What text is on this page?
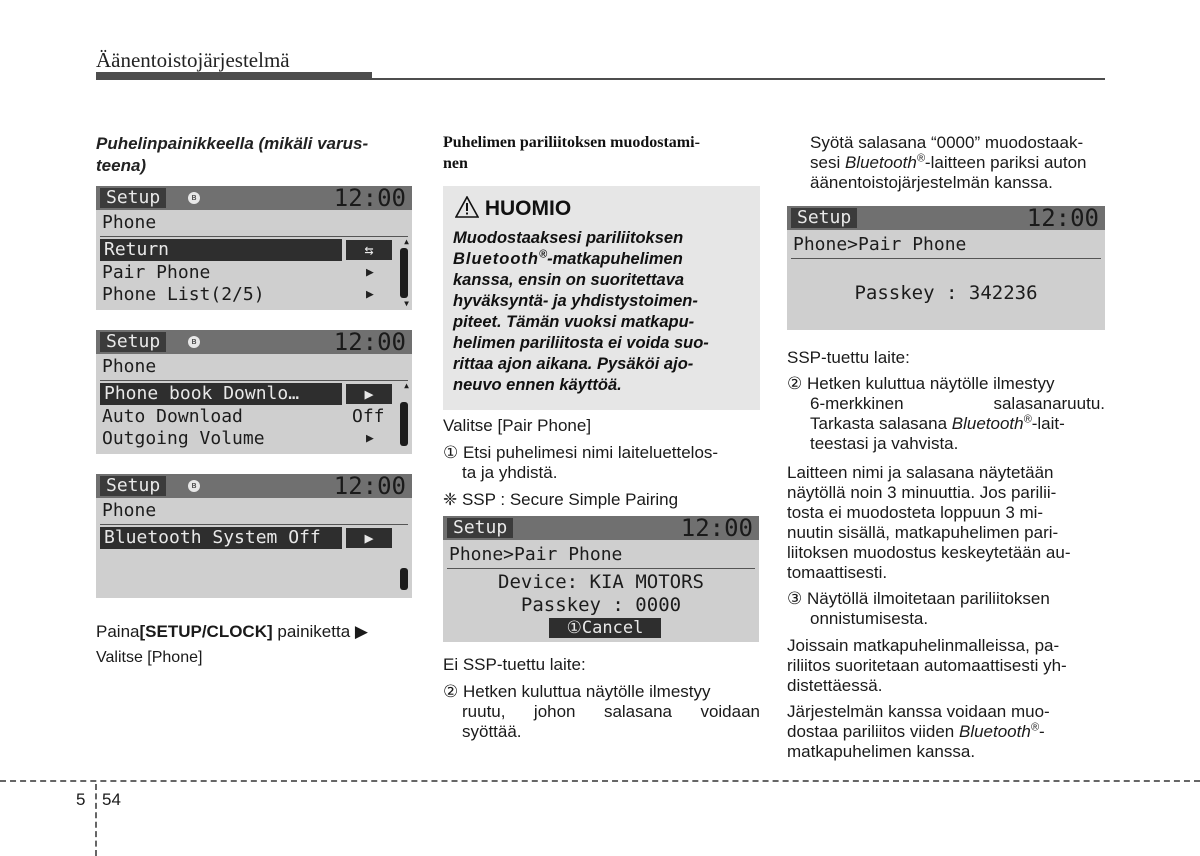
Äänentoistojärjestelmä
Puhelinpainikkeella (mikäli varus-
teena)
Setup	ʙ	12:00
Phone
Return	⇆
Pair Phone	▶
Phone List(2/5)	▶
▲
▼
Setup	ʙ	12:00
Phone
Phone book Downlo…	▶
Auto Download	Off
Outgoing Volume	▶
▲
Setup	ʙ	12:00
Phone
Bluetooth System Off	▶
Paina[SETUP/CLOCK] painiketta ▶
Valitse [Phone]
Puhelimen pariliitoksen muodostami-
nen
HUOMIO
Muodostaaksesi pariliitoksen
Bluetooth®-matkapuhelimen
kanssa, ensin on suoritettava
hyväksyntä- ja yhdistystoimen-
piteet. Tämän vuoksi matkapu-
helimen pariliitosta ei voida suo-
rittaa ajon aikana. Pysäköi ajo-
neuvo ennen käyttöä.
Valitse [Pair Phone]
① Etsi puhelimesi nimi laiteluettelos-
ta ja yhdistä.
❈ SSP : Secure Simple Pairing
Setup	12:00
Phone>Pair Phone
Device: KIA MOTORS
Passkey : 0000
①Cancel
Ei SSP-tuettu laite:
② Hetken kuluttua näytölle ilmestyy
ruutu, johon salasana voidaan
syöttää.
Syötä salasana “0000” muodostaak-
sesi Bluetooth®-laitteen pariksi auton
äänentoistojärjestelmän kanssa.
Setup	12:00
Phone>Pair Phone
Passkey : 342236
SSP-tuettu laite:
② Hetken kuluttua näytölle ilmestyy
6-merkkinen salasanaruutu.
Tarkasta salasana Bluetooth®-lait-
teestasi ja vahvista.
Laitteen nimi ja salasana näytetään
näytöllä noin 3 minuuttia. Jos parilii-
tosta ei muodosteta loppuun 3 mi-
nuutin sisällä, matkapuhelimen pari-
liitoksen muodostus keskeytetään au-
tomaattisesti.
③ Näytöllä ilmoitetaan pariliitoksen
onnistumisesta.
Joissain matkapuhelinmalleissa, pa-
riliitos suoritetaan automaattisesti yh-
distettäessä.
Järjestelmän kanssa voidaan muo-
dostaa pariliitos viiden Bluetooth®-
matkapuhelimen kanssa.
5 54
